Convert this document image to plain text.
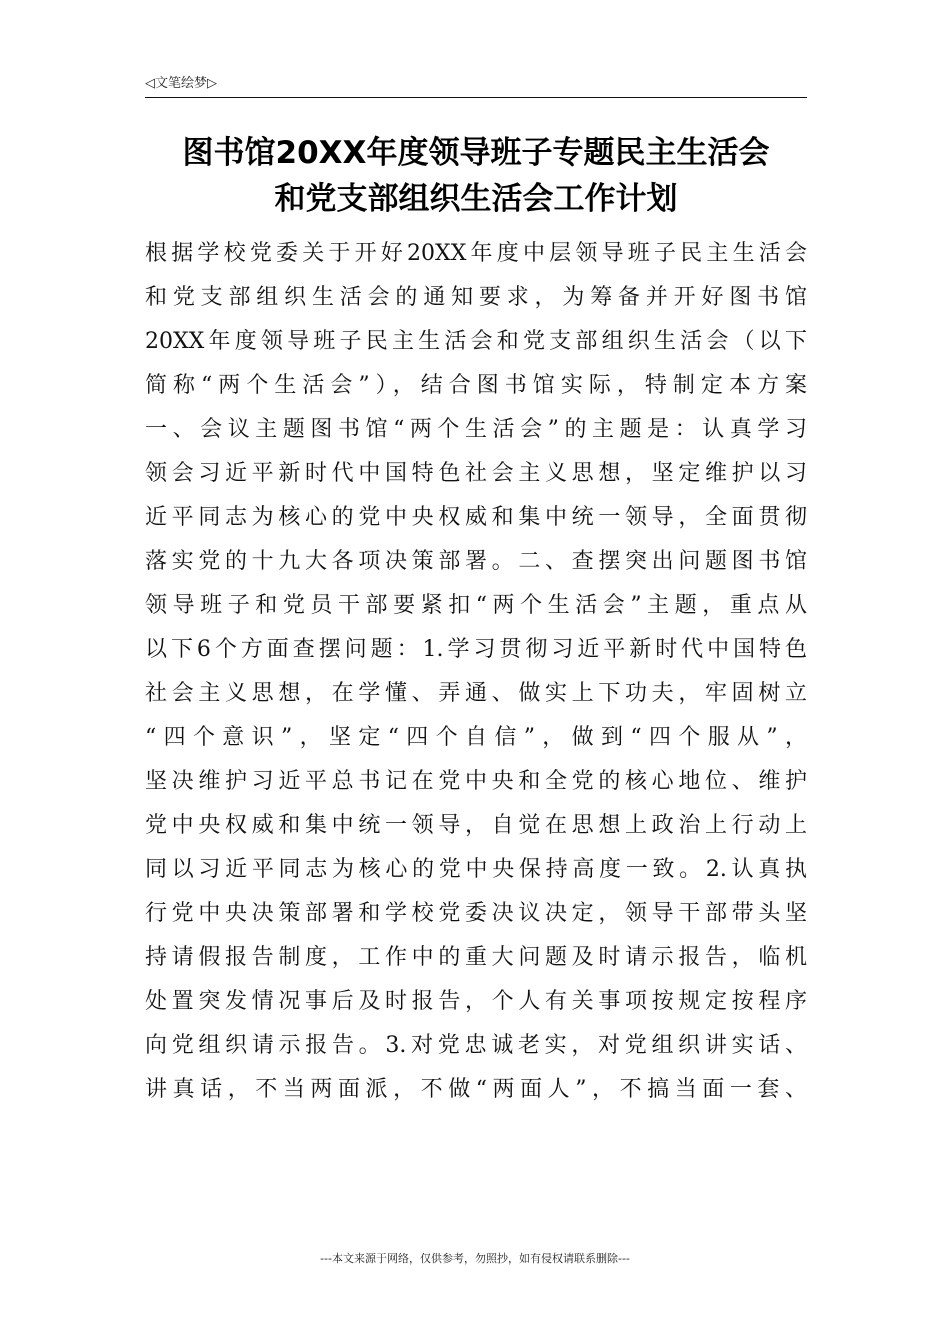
◁文笔绘梦▷
图书馆20XX年度领导班子专题民主生活会
和党支部组织生活会工作计划
根据学校党委关于开好20XX年度中层领导班子民主生活会
和党支部组织生活会的通知要求，为筹备并开好图书馆
20XX年度领导班子民主生活会和党支部组织生活会（以下
简称“两个生活会”），结合图书馆实际，特制定本方案
一、会议主题图书馆“两个生活会”的主题是：认真学习
领会习近平新时代中国特色社会主义思想，坚定维护以习
近平同志为核心的党中央权威和集中统一领导，全面贯彻
落实党的十九大各项决策部署。二、查摆突出问题图书馆
领导班子和党员干部要紧扣“两个生活会”主题，重点从
以下6个方面查摆问题：1.学习贯彻习近平新时代中国特色
社会主义思想，在学懂、弄通、做实上下功夫，牢固树立
“四个意识”，坚定“四个自信”，做到“四个服从”，
坚决维护习近平总书记在党中央和全党的核心地位、维护
党中央权威和集中统一领导，自觉在思想上政治上行动上
同以习近平同志为核心的党中央保持高度一致。2.认真执
行党中央决策部署和学校党委决议决定，领导干部带头坚
持请假报告制度，工作中的重大问题及时请示报告，临机
处置突发情况事后及时报告，个人有关事项按规定按程序
向党组织请示报告。3.对党忠诚老实，对党组织讲实话、
讲真话，不当两面派，不做“两面人”，不搞当面一套、
---本文来源于网络，仅供参考，勿照抄，如有侵权请联系删除---
